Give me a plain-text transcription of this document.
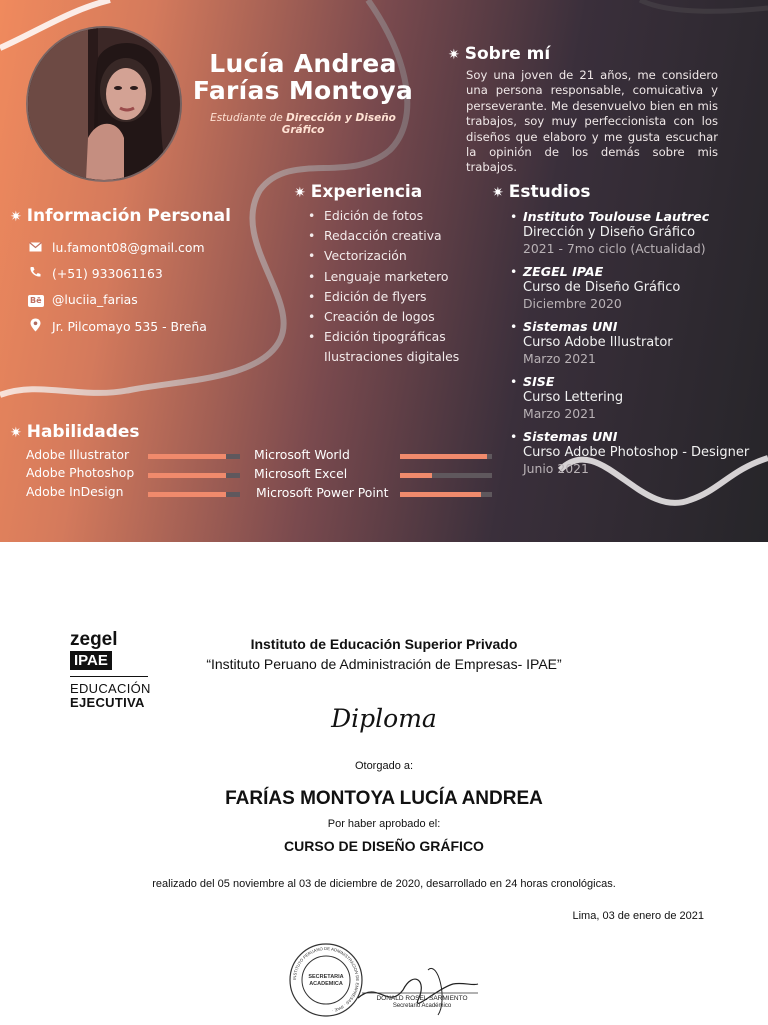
Lucía Andrea
Farías Montoya
Estudiante de Dirección y Diseño Gráfico
✷ Sobre mí
Soy una joven de 21 años, me considero una persona responsable, comuicativa y perseverante. Me desenvuelvo bien en mis trabajos, soy muy perfeccionista con los diseños que elaboro y me gusta escuchar la opinión de los demás sobre mis trabajos.
✷ Información Personal
lu.famont08@gmail.com
(+51) 933061163
Bē @luciia_farias
Jr. Pilcomayo 535 - Breña
✷ Experiencia
• Edición de fotos
• Redacción creativa
• Vectorización
• Lenguaje marketero
• Edición de flyers
• Creación de logos
• Edición tipográficas
Ilustraciones digitales
✷ Estudios
• Instituto Toulouse Lautrec
Dirección y Diseño Gráfico
2021 - 7mo ciclo (Actualidad)
• ZEGEL IPAE
Curso de Diseño Gráfico
Diciembre 2020
• Sistemas UNI
Curso Adobe Illustrator
Marzo 2021
• SISE
Curso Lettering
Marzo 2021
• Sistemas UNI
Curso Adobe Photoshop - Designer
Junio 2021
✷ Habilidades
Adobe Illustrator
Adobe Photoshop
Adobe InDesign
Microsoft World
Microsoft Excel
Microsoft Power Point
zegel
IPAE
EDUCACIÓN
EJECUTIVA
Instituto de Educación Superior Privado
“Instituto Peruano de Administración de Empresas- IPAE”
Diploma
Otorgado a:
FARÍAS MONTOYA LUCÍA ANDREA
Por haber aprobado el:
CURSO DE DISEÑO GRÁFICO
realizado del 05 noviembre al 03 de diciembre de 2020, desarrollado en 24 horas cronológicas.
Lima, 03 de enero de 2021
SECRETARIA
ACADEMICA
INSTITUTO PERUANO DE ADMINISTRACION DE EMPRESAS · IPAE ·
DONALD ROSEL SARMIENTO
Secretario Académico
